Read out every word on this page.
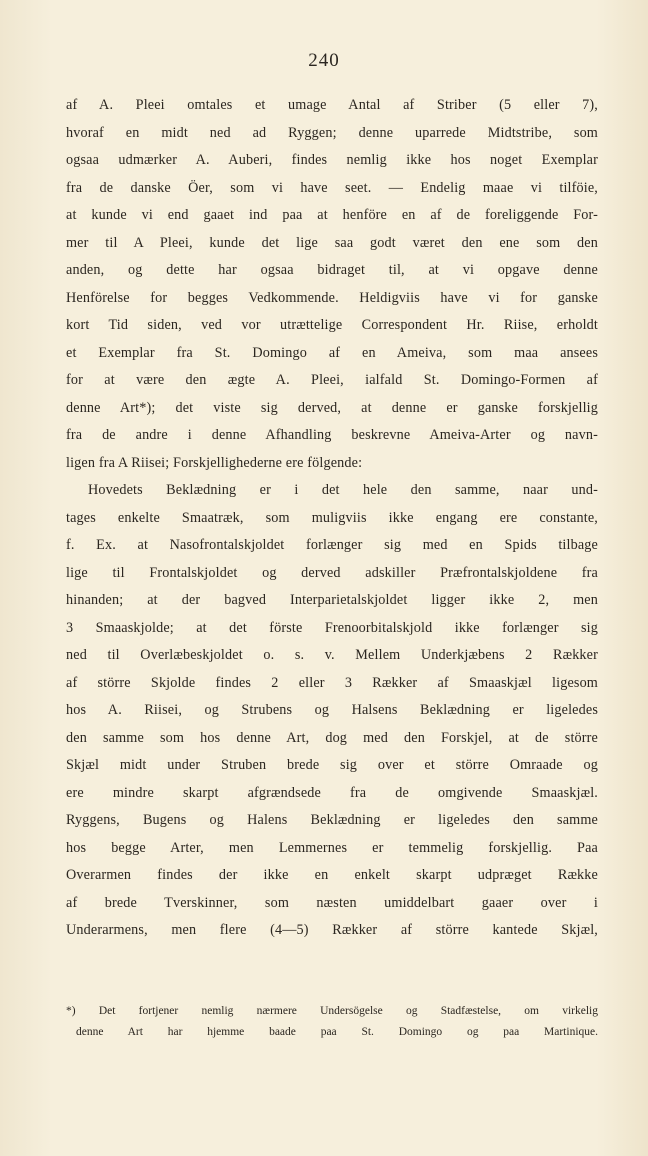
240
af A. Pleei omtales et umage Antal af Striber (5 eller 7),
hvoraf en midt ned ad Ryggen; denne uparrede Midtstribe, som
ogsaa udmærker A. Auberi, findes nemlig ikke hos noget Exemplar
fra de danske Öer, som vi have seet. — Endelig maae vi tilföie,
at kunde vi end gaaet ind paa at henföre en af de foreliggende For-
mer til A Pleei, kunde det lige saa godt været den ene som den
anden, og dette har ogsaa bidraget til, at vi opgave denne
Henförelse for begges Vedkommende. Heldigviis have vi for ganske
kort Tid siden, ved vor utrættelige Correspondent Hr. Riise, erholdt
et Exemplar fra St. Domingo af en Ameiva, som maa ansees
for at være den ægte A. Pleei, ialfald St. Domingo-Formen af
denne Art*); det viste sig derved, at denne er ganske forskjellig
fra de andre i denne Afhandling beskrevne Ameiva-Arter og navn-
ligen fra A Riisei; Forskjellighederne ere fölgende:
Hovedets Beklædning er i det hele den samme, naar und-
tages enkelte Smaatræk, som muligviis ikke engang ere constante,
f. Ex. at Nasofrontalskjoldet forlænger sig med en Spids tilbage
lige til Frontalskjoldet og derved adskiller Præfrontalskjoldene fra
hinanden; at der bagved Interparietalskjoldet ligger ikke 2, men
3 Smaaskjolde; at det förste Frenoorbitalskjold ikke forlænger sig
ned til Overlæbeskjoldet o. s. v. Mellem Underkjæbens 2 Rækker
af större Skjolde findes 2 eller 3 Rækker af Smaaskjæl ligesom
hos A. Riisei, og Strubens og Halsens Beklædning er ligeledes
den samme som hos denne Art, dog med den Forskjel, at de större
Skjæl midt under Struben brede sig over et större Omraade og
ere mindre skarpt afgrændsede fra de omgivende Smaaskjæl.
Ryggens, Bugens og Halens Beklædning er ligeledes den samme
hos begge Arter, men Lemmernes er temmelig forskjellig. Paa
Overarmen findes der ikke en enkelt skarpt udpræget Række
af brede Tverskinner, som næsten umiddelbart gaaer over i
Underarmens, men flere (4—5) Rækker af större kantede Skjæl,
*) Det fortjener nemlig nærmere Undersögelse og Stadfæstelse, om virkelig
denne Art har hjemme baade paa St. Domingo og paa Martinique.
